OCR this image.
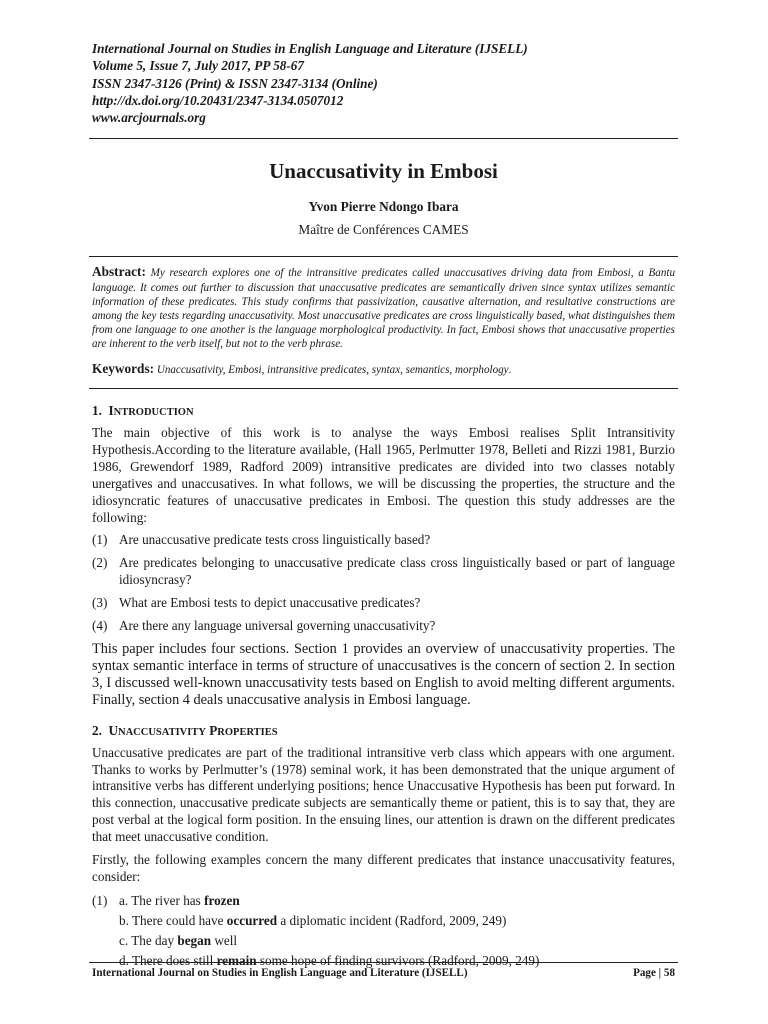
International Journal on Studies in English Language and Literature (IJSELL)
Volume 5, Issue 7, July 2017, PP 58-67
ISSN 2347-3126 (Print) & ISSN 2347-3134 (Online)
http://dx.doi.org/10.20431/2347-3134.0507012
www.arcjournals.org
Unaccusativity in Embosi
Yvon Pierre Ndongo Ibara
Maître de Conférences CAMES
Abstract: My research explores one of the intransitive predicates called unaccusatives driving data from Embosi, a Bantu language. It comes out further to discussion that unaccusative predicates are semantically driven since syntax utilizes semantic information of these predicates. This study confirms that passivization, causative alternation, and resultative constructions are among the key tests regarding unaccusativity. Most unaccusative predicates are cross linguistically based, what distinguishes them from one language to one another is the language morphological productivity. In fact, Embosi shows that unaccusative properties are inherent to the verb itself, but not to the verb phrase.
Keywords: Unaccusativity, Embosi, intransitive predicates, syntax, semantics, morphology.
1. INTRODUCTION
The main objective of this work is to analyse the ways Embosi realises Split Intransitivity Hypothesis.According to the literature available, (Hall 1965, Perlmutter 1978, Belleti and Rizzi 1981, Burzio 1986, Grewendorf 1989, Radford 2009) intransitive predicates are divided into two classes notably unergatives and unaccusatives. In what follows, we will be discussing the properties, the structure and the idiosyncratic features of unaccusative predicates in Embosi. The question this study addresses are the following:
(1) Are unaccusative predicate tests cross linguistically based?
(2) Are predicates belonging to unaccusative predicate class cross linguistically based or part of language idiosyncrasy?
(3) What are Embosi tests to depict unaccusative predicates?
(4) Are there any language universal governing unaccusativity?
This paper includes four sections. Section 1 provides an overview of unaccusativity properties. The syntax semantic interface in terms of structure of unaccusatives is the concern of section 2. In section 3, I discussed well-known unaccusativity tests based on English to avoid melting different arguments. Finally, section 4 deals unaccusative analysis in Embosi language.
2. UNACCUSATIVITY PROPERTIES
Unaccusative predicates are part of the traditional intransitive verb class which appears with one argument. Thanks to works by Perlmutter’s (1978) seminal work, it has been demonstrated that the unique argument of intransitive verbs has different underlying positions; hence Unaccusative Hypothesis has been put forward. In this connection, unaccusative predicate subjects are semantically theme or patient, this is to say that, they are post verbal at the logical form position. In the ensuing lines, our attention is drawn on the different predicates that meet unaccusative condition.
Firstly, the following examples concern the many different predicates that instance unaccusativity features, consider:
(1) a. The river has frozen
b. There could have occurred a diplomatic incident (Radford, 2009, 249)
c. The day began well
d. There does still remain some hope of finding survivors (Radford, 2009, 249)
International Journal on Studies in English Language and Literature (IJSELL)	Page | 58
